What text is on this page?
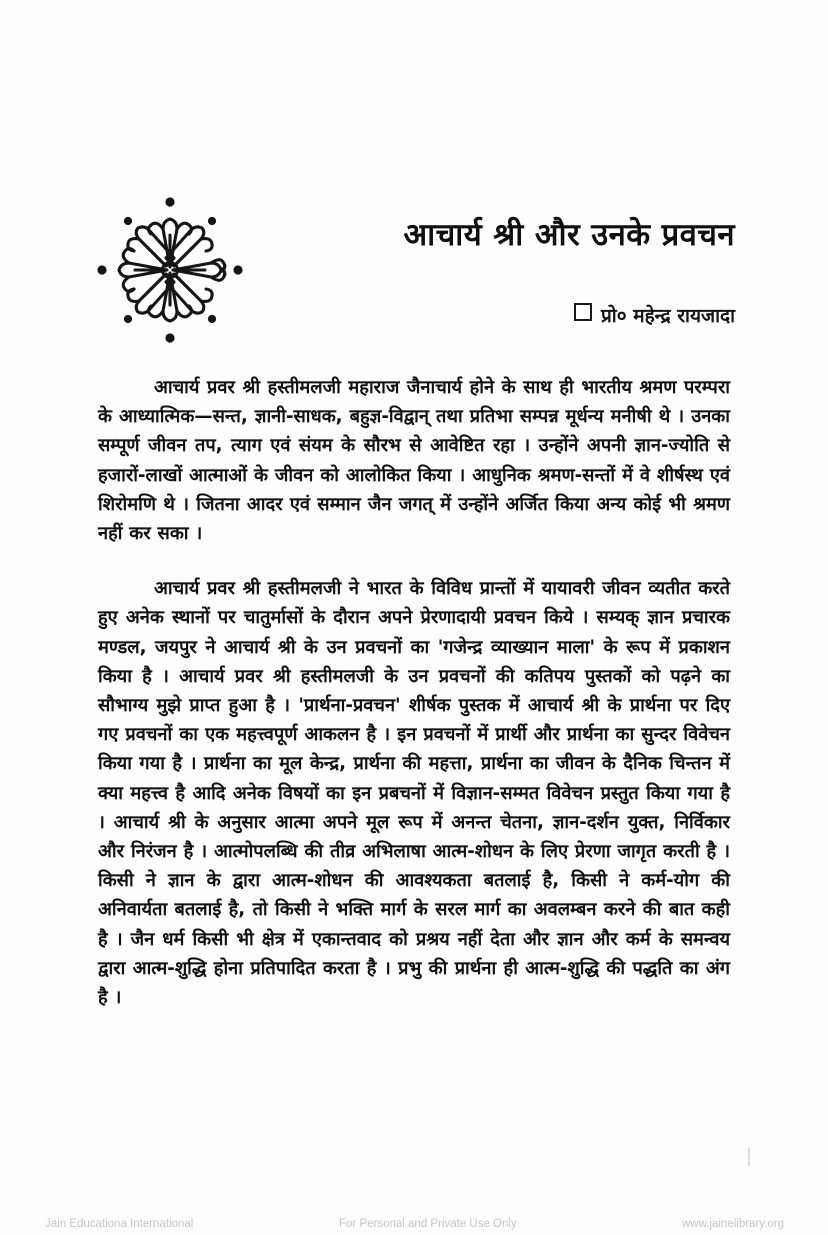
आचार्य श्री और उनके प्रवचन
प्रो० महेन्द्र रायजादा

आचार्य प्रवर श्री हस्तीमलजी महाराज जैनाचार्य होने के साथ ही भारतीय श्रमण परम्परा के आध्यात्मिक—सन्त, ज्ञानी-साधक, बहुज्ञ-विद्वान् तथा प्रतिभा सम्पन्न मूर्धन्य मनीषी थे । उनका सम्पूर्ण जीवन तप, त्याग एवं संयम के सौरभ से आवेष्टित रहा । उन्होंने अपनी ज्ञान-ज्योति से हजारों-लाखों आत्माओं के जीवन को आलोकित किया । आधुनिक श्रमण-सन्तों में वे शीर्षस्थ एवं शिरोमणि थे । जितना आदर एवं सम्मान जैन जगत् में उन्होंने अर्जित किया अन्य कोई भी श्रमण नहीं कर सका ।

आचार्य प्रवर श्री हस्तीमलजी ने भारत के विविध प्रान्तों में यायावरी जीवन व्यतीत करते हुए अनेक स्थानों पर चातुर्मासों के दौरान अपने प्रेरणादायी प्रवचन किये । सम्यक् ज्ञान प्रचारक मण्डल, जयपुर ने आचार्य श्री के उन प्रवचनों का 'गजेन्द्र व्याख्यान माला' के रूप में प्रकाशन किया है । आचार्य प्रवर श्री हस्तीमलजी के उन प्रवचनों की कतिपय पुस्तकों को पढ़ने का सौभाग्य मुझे प्राप्त हुआ है । 'प्रार्थना-प्रवचन' शीर्षक पुस्तक में आचार्य श्री के प्रार्थना पर दिए गए प्रवचनों का एक महत्त्वपूर्ण आकलन है । इन प्रवचनों में प्रार्थी और प्रार्थना का सुन्दर विवेचन किया गया है । प्रार्थना का मूल केन्द्र, प्रार्थना की महत्ता, प्रार्थना का जीवन के दैनिक चिन्तन में क्या महत्त्व है आदि अनेक विषयों का इन प्रबचनों में विज्ञान-सम्मत विवेचन प्रस्तुत किया गया है । आचार्य श्री के अनुसार आत्मा अपने मूल रूप में अनन्त चेतना, ज्ञान-दर्शन युक्त, निर्विकार और निरंजन है । आत्मोपलब्धि की तीव्र अभिलाषा आत्म-शोधन के लिए प्रेरणा जागृत करती है । किसी ने ज्ञान के द्वारा आत्म-शोधन की आवश्यकता बतलाई है, किसी ने कर्म-योग की अनिवार्यता बतलाई है, तो किसी ने भक्ति मार्ग के सरल मार्ग का अवलम्बन करने की बात कही है । जैन धर्म किसी भी क्षेत्र में एकान्तवाद को प्रश्रय नहीं देता और ज्ञान और कर्म के समन्वय द्वारा आत्म-शुद्धि होना प्रतिपादित करता है । प्रभु की प्रार्थना ही आत्म-शुद्धि की पद्धति का अंग है ।

Jain Educationa International	For Personal and Private Use Only	www.jainelibrary.org
